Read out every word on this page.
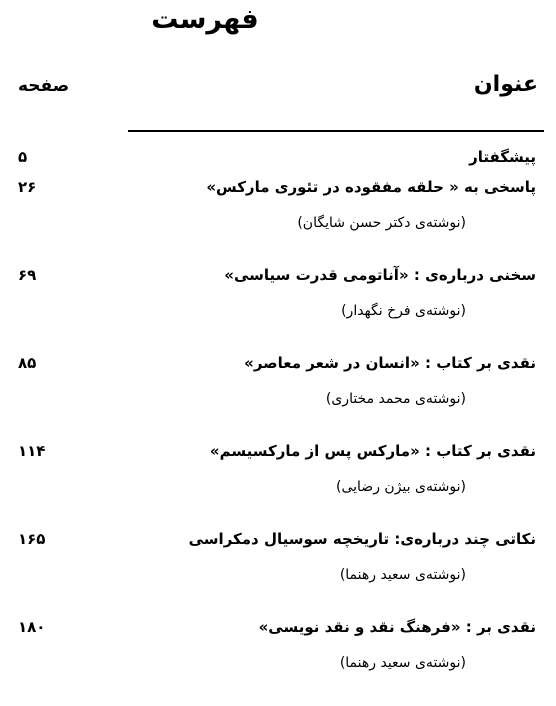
فهرست
عنوان
صفحه
پیشگفتار
۵
پاسخی به « حلقه مفقوده در تئوری مارکس»
۲۶
(نوشته‌ی دکتر حسن شایگان)
سخنی درباره‌ی : «آناتومی قدرت سیاسی»
۶۹
(نوشته‌ی فرخ نگهدار)
نقدی بر کتاب : «انسان در شعر معاصر»
۸۵
(نوشته‌ی محمد مختاری)
نقدی بر کتاب : «مارکس پس از مارکسیسم»
۱۱۴
(نوشته‌ی بیژن رضایی)
نکاتی چند درباره‌ی: تاریخچه سوسیال دمکراسی
۱۶۵
(نوشته‌ی سعید رهنما)
نقدی بر : «فرهنگ نقد و نقد نویسی»
۱۸۰
(نوشته‌ی سعید رهنما)
